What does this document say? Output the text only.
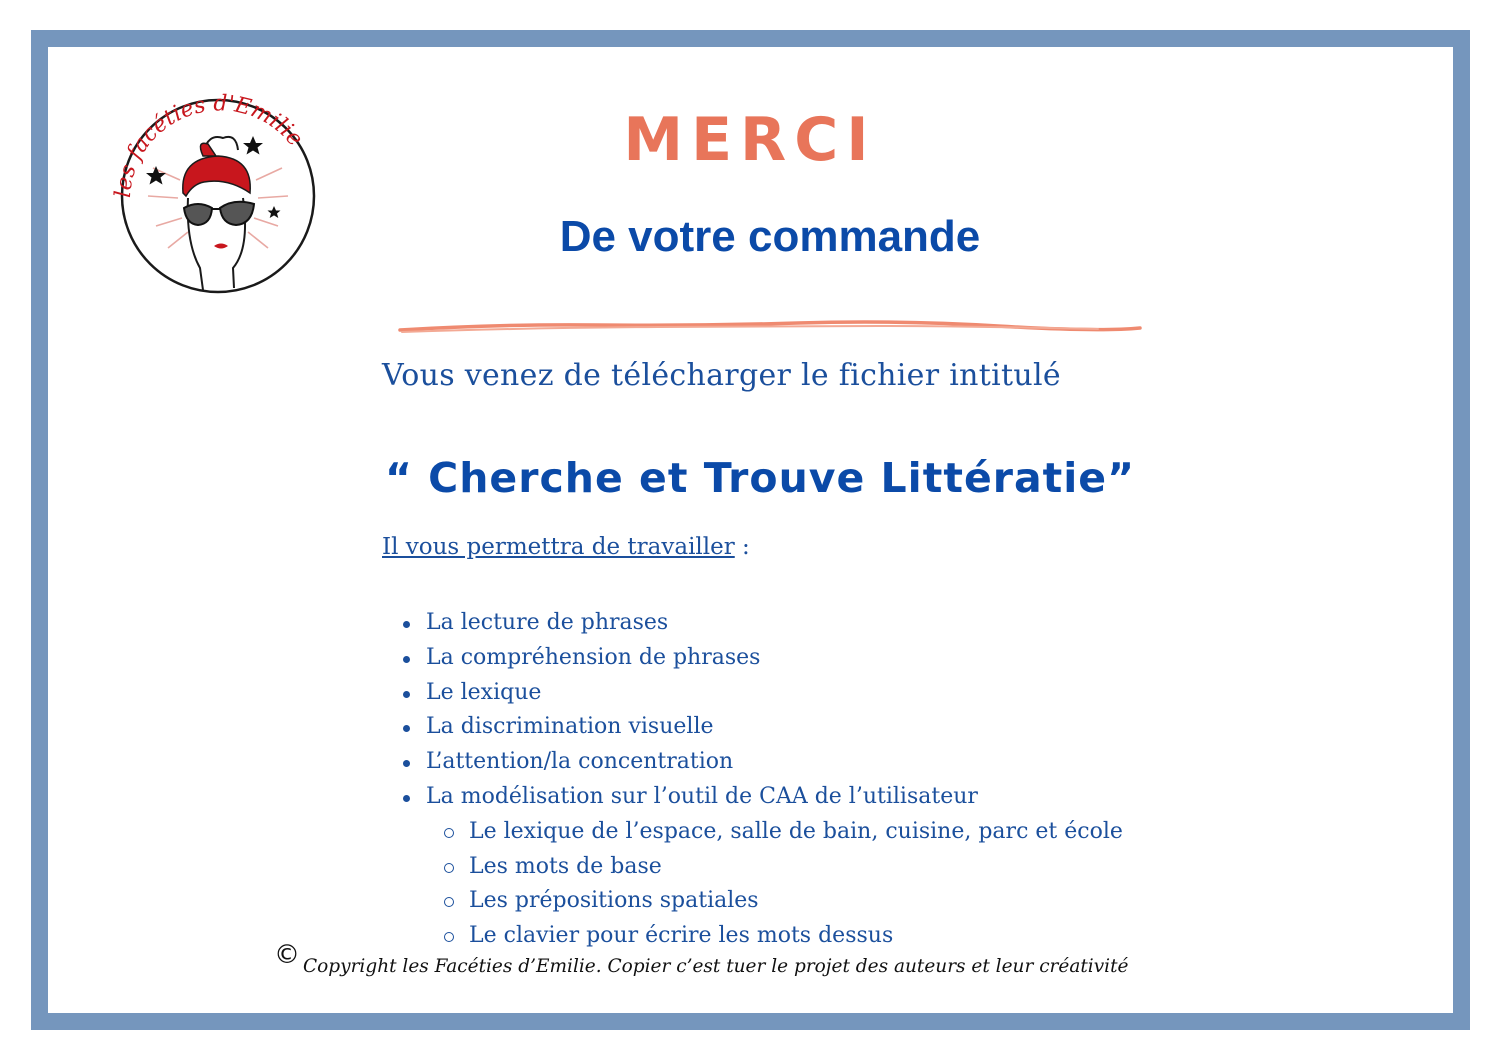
les facéties d'Emilie	MERCI
De votre commande

Vous venez de télécharger le fichier intitulé

“ Cherche et Trouve Littératie”

Il vous permettra de travailler :

La lecture de phrases
La compréhension de phrases
Le lexique
La discrimination visuelle
L’attention/la concentration
La modélisation sur l’outil de CAA de l’utilisateur
Le lexique de l’espace, salle de bain, cuisine, parc et école
Les mots de base
Les prépositions spatiales
Le clavier pour écrire les mots dessus

© Copyright les Facéties d’Emilie. Copier c’est tuer le projet des auteurs et leur créativité
